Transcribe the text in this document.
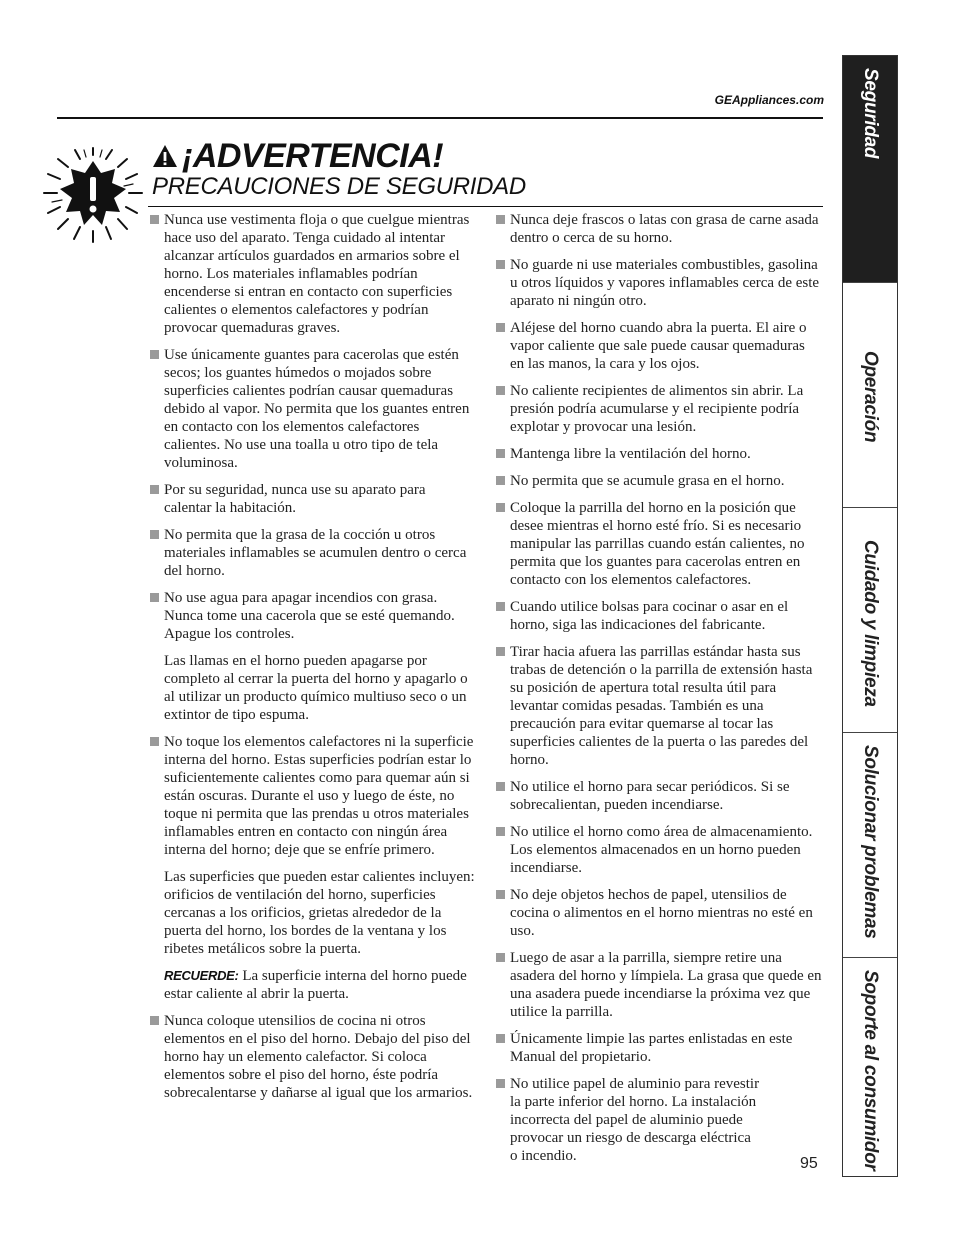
GEAppliances.com
¡ADVERTENCIA!
PRECAUCIONES DE SEGURIDAD
Nunca use vestimenta floja o que cuelgue mientras hace uso del aparato. Tenga cuidado al intentar alcanzar artículos guardados en armarios sobre el horno. Los materiales inflamables podrían encenderse si entran en contacto con superficies calientes o elementos calefactores y podrían provocar quemaduras graves.
Use únicamente guantes para cacerolas que estén secos; los guantes húmedos o mojados sobre superficies calientes podrían causar quemaduras debido al vapor. No permita que los guantes entren en contacto con los elementos calefactores calientes. No use una toalla u otro tipo de tela voluminosa.
Por su seguridad, nunca use su aparato para calentar la habitación.
No permita que la grasa de la cocción u otros materiales inflamables se acumulen dentro o cerca del horno.
No use agua para apagar incendios con grasa. Nunca tome una cacerola que se esté quemando. Apague los controles.
Las llamas en el horno pueden apagarse por completo al cerrar la puerta del horno y apagarlo o al utilizar un producto químico multiuso seco o un extintor de tipo espuma.
No toque los elementos calefactores ni la superficie interna del horno. Estas superficies podrían estar lo suficientemente calientes como para quemar aún si están oscuras. Durante el uso y luego de éste, no toque ni permita que las prendas u otros materiales inflamables entren en contacto con ningún área interna del horno; deje que se enfríe primero.
Las superficies que pueden estar calientes incluyen: orificios de ventilación del horno, superficies cercanas a los orificios, grietas alrededor de la puerta del horno, los bordes de la ventana y los ribetes metálicos sobre la puerta.
RECUERDE: La superficie interna del horno puede estar caliente al abrir la puerta.
Nunca coloque utensilios de cocina ni otros elementos en el piso del horno. Debajo del piso del horno hay un elemento calefactor. Si coloca elementos sobre el piso del horno, éste podría sobrecalentarse y dañarse al igual que los armarios.
Nunca deje frascos o latas con grasa de carne asada dentro o cerca de su horno.
No guarde ni use materiales combustibles, gasolina u otros líquidos y vapores inflamables cerca de este aparato ni ningún otro.
Aléjese del horno cuando abra la puerta. El aire o vapor caliente que sale puede causar quemaduras en las manos, la cara y los ojos.
No caliente recipientes de alimentos sin abrir. La presión podría acumularse y el recipiente podría explotar y provocar una lesión.
Mantenga libre la ventilación del horno.
No permita que se acumule grasa en el horno.
Coloque la parrilla del horno en la posición que desee mientras el horno esté frío. Si es necesario manipular las parrillas cuando están calientes, no permita que los guantes para cacerolas entren en contacto con los elementos calefactores.
Cuando utilice bolsas para cocinar o asar en el horno, siga las indicaciones del fabricante.
Tirar hacia afuera las parrillas estándar hasta sus trabas de detención o la parrilla de extensión hasta su posición de apertura total resulta útil para levantar comidas pesadas. También es una precaución para evitar quemarse al tocar las superficies calientes de la puerta o las paredes del horno.
No utilice el horno para secar periódicos. Si se sobrecalientan, pueden incendiarse.
No utilice el horno como área de almacenamiento. Los elementos almacenados en un horno pueden incendiarse.
No deje objetos hechos de papel, utensilios de cocina o alimentos en el horno mientras no esté en uso.
Luego de asar a la parrilla, siempre retire una asadera del horno y límpiela. La grasa que quede en una asadera puede incendiarse la próxima vez que utilice la parrilla.
Únicamente limpie las partes enlistadas en este Manual del propietario.
No utilice papel de aluminio para revestir la parte inferior del horno. La instalación incorrecta del papel de aluminio puede provocar un riesgo de descarga eléctrica o incendio.	95
Seguridad
Operación
Cuidado y limpieza
Solucionar problemas
Soporte al consumidor
